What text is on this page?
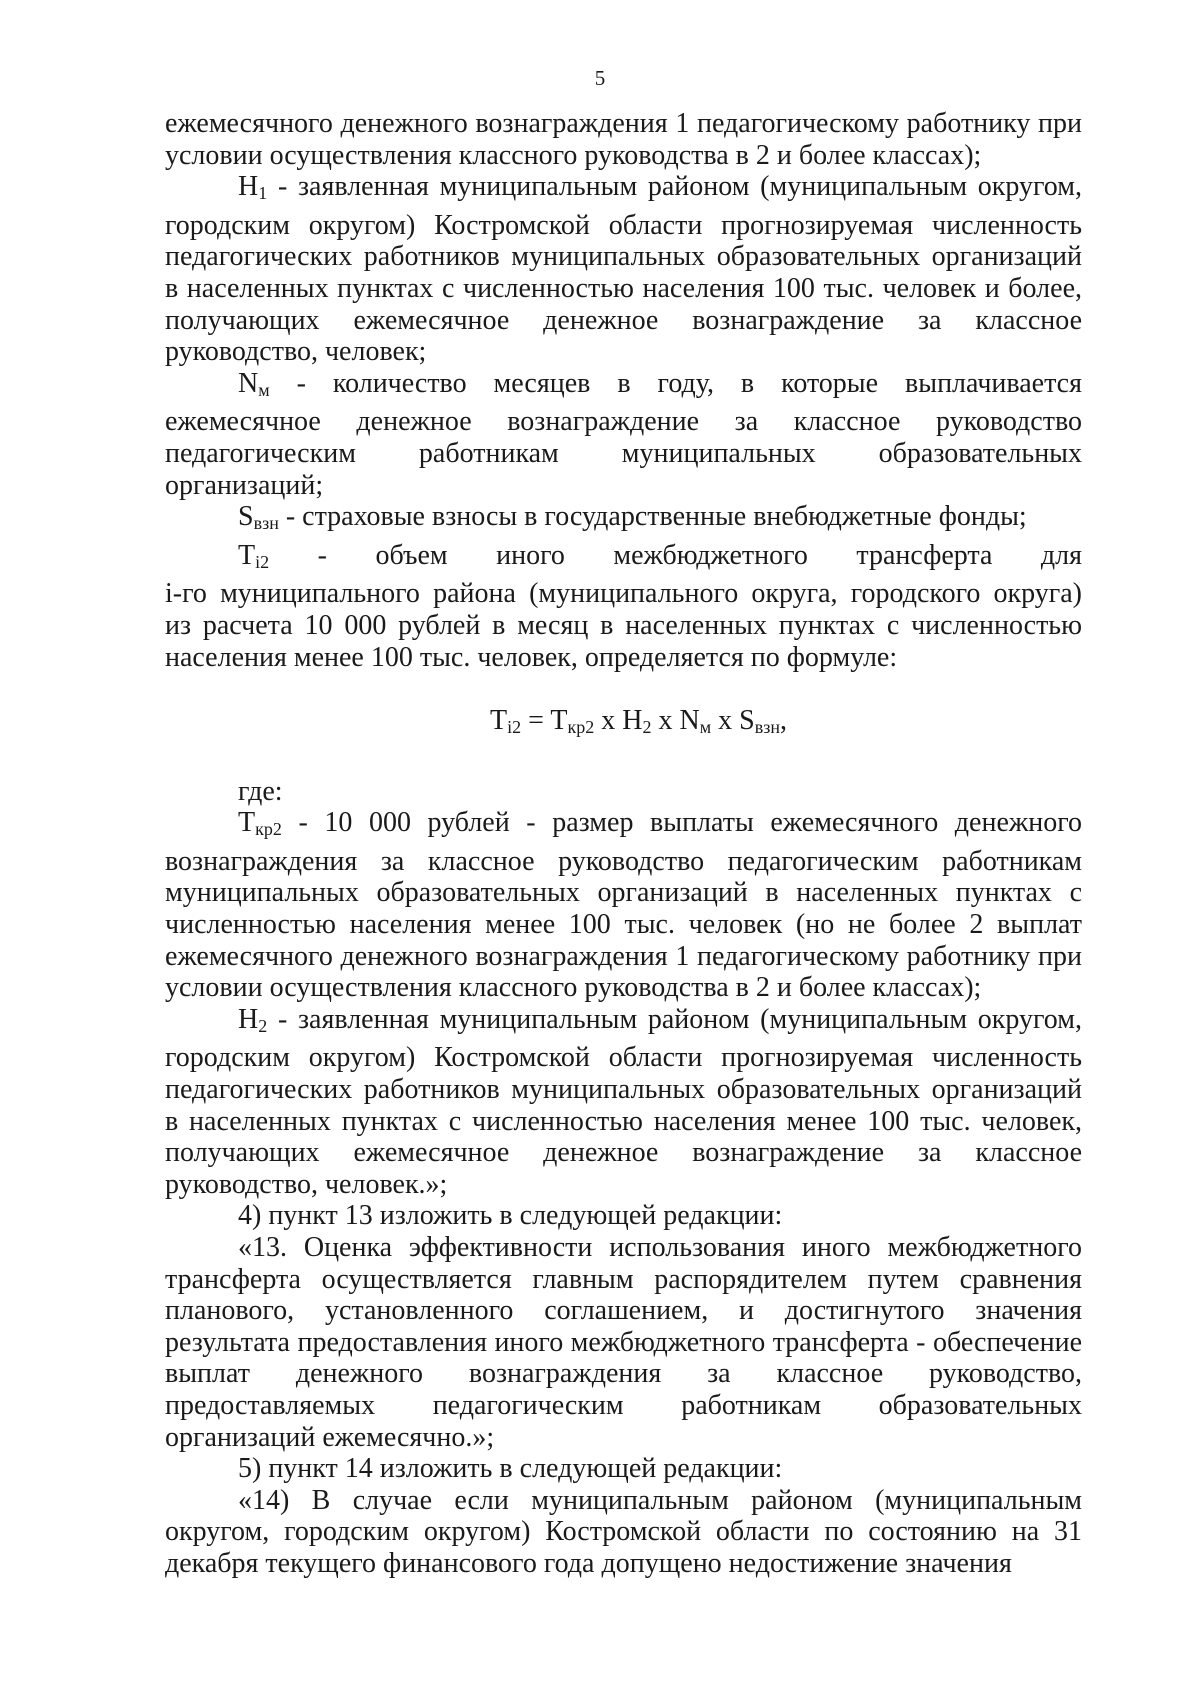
5

ежемесячного денежного вознаграждения 1 педагогическому работнику при условии осуществления классного руководства в 2 и более классах);

$Н_1$ - заявленная муниципальным районом (муниципальным округом, городским округом) Костромской области прогнозируемая численность педагогических работников муниципальных образовательных организаций в населенных пунктах с численностью населения 100 тыс. человек и более, получающих ежемесячное денежное вознаграждение за классное руководство, человек;

$N_м$ - количество месяцев в году, в которые выплачивается
ежемесячное денежное вознаграждение за классное руководство
педагогическим работникам муниципальных образовательных
организаций;

$S_{взн}$ - страховые взносы в государственные внебюджетные фонды;

$T_{i2}$ - объем иного межбюджетного трансферта для
i-го муниципального района (муниципального округа, городского округа)
из расчета 10 000 рублей в месяц в населенных пунктах с численностью
населения менее 100 тыс. человек, определяется по формуле:

$T_{i2} = T_{кр2}$ х $Н_2$ х $N_м$ х $S_{взн}$,

где:

$T_{кр2} - 10$ 000 рублей - размер выплаты ежемесячного денежного вознаграждения за классное руководство педагогическим работникам муниципальных образовательных организаций в населенных пунктах с численностью населения менее 100 тыс. человек (но не более 2 выплат ежемесячного денежного вознаграждения 1 педагогическому работнику при условии осуществления классного руководства в 2 и более классах);

$Н_2$ - заявленная муниципальным районом (муниципальным округом, городским округом) Костромской области прогнозируемая численность педагогических работников муниципальных образовательных организаций в населенных пунктах с численностью населения менее 100 тыс. человек, получающих ежемесячное денежное вознаграждение за классное руководство, человек.»;

4) пункт 13 изложить в следующей редакции:

«13. Оценка эффективности использования иного межбюджетного трансферта осуществляется главным распорядителем путем сравнения планового, установленного соглашением, и достигнутого значения результата предоставления иного межбюджетного трансферта - обеспечение выплат денежного вознаграждения за классное руководство, предоставляемых педагогическим работникам образовательных организаций ежемесячно.»;

5) пункт 14 изложить в следующей редакции:

«14) В случае если муниципальным районом (муниципальным округом, городским округом) Костромской области по состоянию на 31 декабря текущего финансового года допущено недостижение значения
